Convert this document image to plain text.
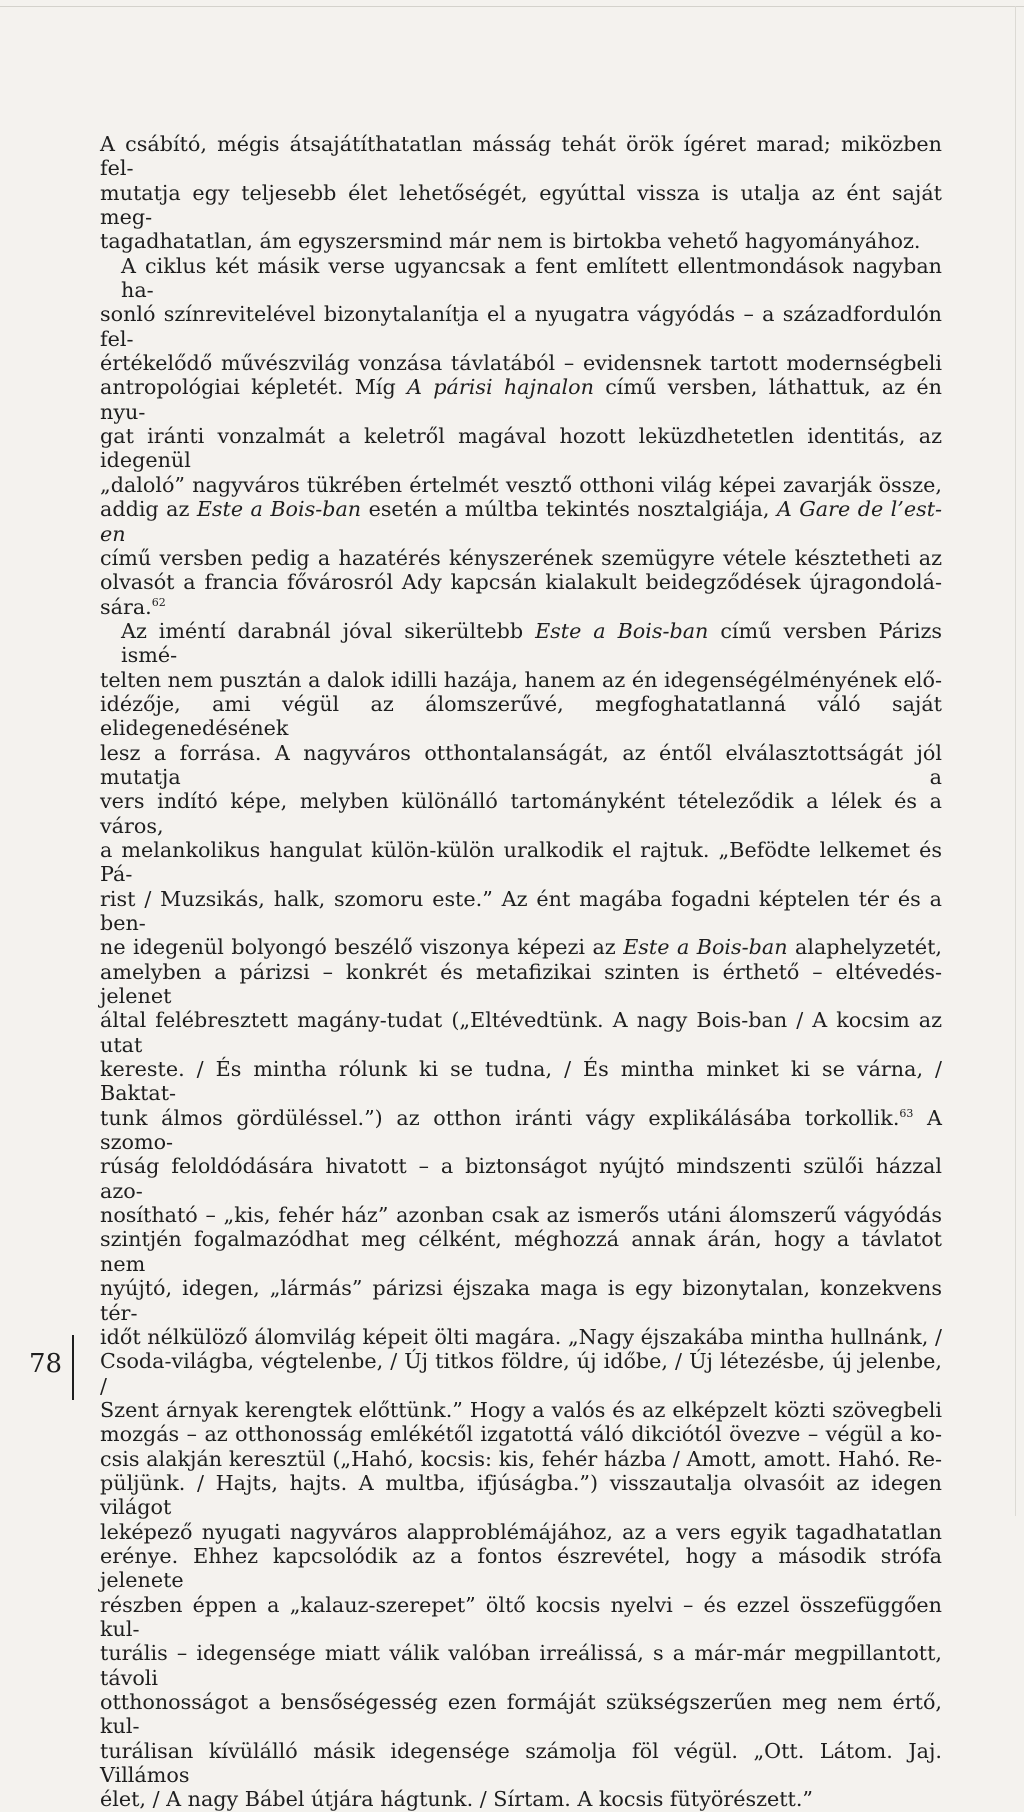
A csábító, mégis átsajátíthatatlan másság tehát örök ígéret marad; miközben fel-
mutatja egy teljesebb élet lehetőségét, egyúttal vissza is utalja az ént saját meg-
tagadhatatlan, ám egyszersmind már nem is birtokba vehető hagyományához.
A ciklus két másik verse ugyancsak a fent említett ellentmondások nagyban ha-
sonló színrevitelével bizonytalanítja el a nyugatra vágyódás – a századfordulón fel-
értékelődő művészvilág vonzása távlatából – evidensnek tartott modernségbeli
antropológiai képletét. Míg A párisi hajnalon című versben, láthattuk, az én nyu-
gat iránti vonzalmát a keletről magával hozott leküzdhetetlen identitás, az idegenül
„daloló” nagyváros tükrében értelmét vesztő otthoni világ képei zavarják össze,
addig az Este a Bois-ban esetén a múltba tekintés nosztalgiája, A Gare de l’est-en
című versben pedig a hazatérés kényszerének szemügyre vétele késztetheti az
olvasót a francia fővárosról Ady kapcsán kialakult beidegződések újragondolá-
sára.$^{62}$
Az iméntí darabnál jóval sikerültebb Este a Bois-ban című versben Párizs ismé-
telten nem pusztán a dalok idilli hazája, hanem az én idegenségélményének elő-
idézője, ami végül az álomszerűvé, megfoghatatlanná váló saját elidegenedésének
lesz a forrása. A nagyváros otthontalanságát, az éntől elválasztottságát jól mutatja a
vers indító képe, melyben különálló tartományként tételeződik a lélek és a város,
a melankolikus hangulat külön-külön uralkodik el rajtuk. „Befödte lelkemet és Pá-
rist / Muzsikás, halk, szomoru este.” Az ént magába fogadni képtelen tér és a ben-
ne idegenül bolyongó beszélő viszonya képezi az Este a Bois-ban alaphelyzetét,
amelyben a párizsi – konkrét és metafizikai szinten is érthető – eltévedés-jelenet
által felébresztett magány-tudat („Eltévedtünk. A nagy Bois-ban / A kocsim az utat
kereste. / És mintha rólunk ki se tudna, / És mintha minket ki se várna, / Baktat-
tunk álmos gördüléssel.”) az otthon iránti vágy explikálásába torkollik.$^{63}$ A szomo-
rúság feloldódására hivatott – a biztonságot nyújtó mindszenti szülői házzal azo-
nosítható – „kis, fehér ház” azonban csak az ismerős utáni álomszerű vágyódás
szintjén fogalmazódhat meg célként, méghozzá annak árán, hogy a távlatot nem
nyújtó, idegen, „lármás” párizsi éjszaka maga is egy bizonytalan, konzekvens tér-
időt nélkülöző álomvilág képeit ölti magára. „Nagy éjszakába mintha hullnánk, /
Csoda-világba, végtelenbe, / Új titkos földre, új időbe, / Új létezésbe, új jelenbe, /
Szent árnyak kerengtek előttünk.” Hogy a valós és az elképzelt közti szövegbeli
mozgás – az otthonosság emlékétől izgatottá váló dikciótól övezve – végül a ko-
csis alakján keresztül („Hahó, kocsis: kis, fehér házba / Amott, amott. Hahó. Re-
püljünk. / Hajts, hajts. A multba, ifjúságba.”) visszautalja olvasóit az idegen világot
leképező nyugati nagyváros alapproblémájához, az a vers egyik tagadhatatlan
erénye. Ehhez kapcsolódik az a fontos észrevétel, hogy a második strófa jelenete
részben éppen a „kalauz-szerepet” öltő kocsis nyelvi – és ezzel összefüggően kul-
turális – idegensége miatt válik valóban irreálissá, s a már-már megpillantott, távoli
otthonosságot a bensőségesség ezen formáját szükségszerűen meg nem értő, kul-
turálisan kívülálló másik idegensége számolja föl végül. „Ott. Látom. Jaj. Villámos
élet, / A nagy Bábel útjára hágtunk. / Sírtam. A kocsis fütyörészett.”
78
